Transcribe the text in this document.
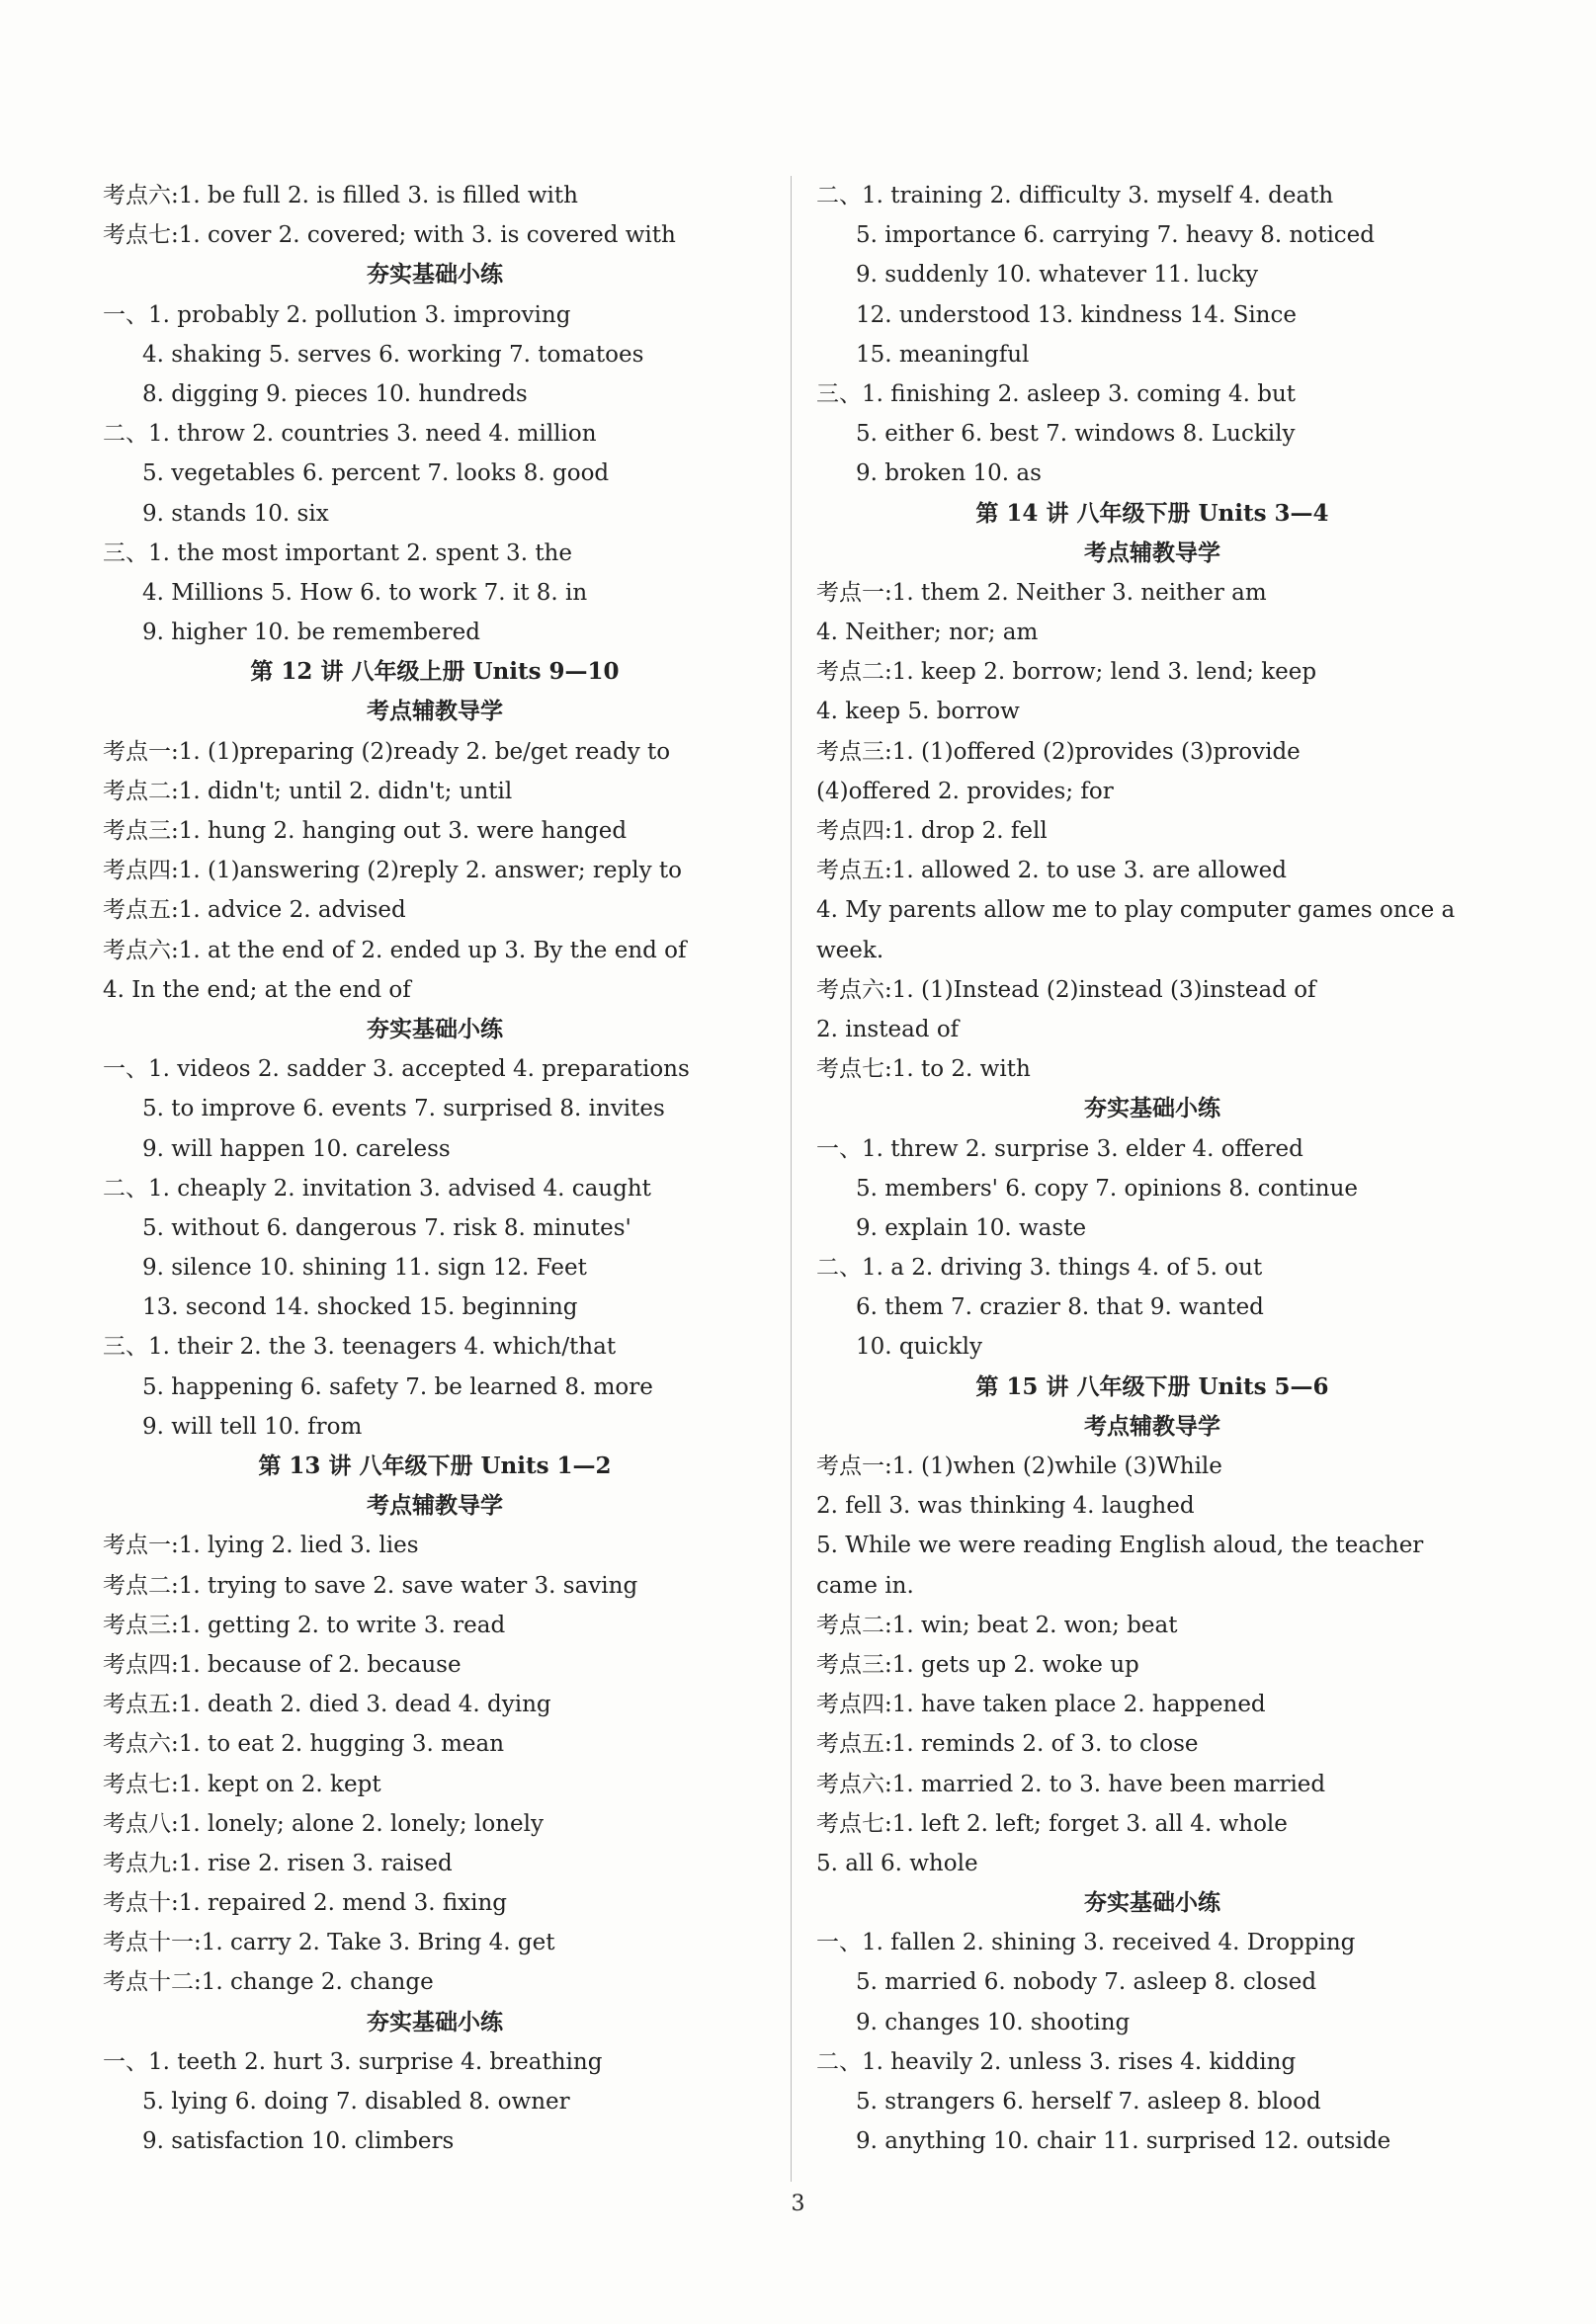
考点六:1. be full 2. is filled 3. is filled with
考点七:1. cover 2. covered; with 3. is covered with
夯实基础小练
一、1. probably 2. pollution 3. improving
4. shaking 5. serves 6. working 7. tomatoes
8. digging 9. pieces 10. hundreds
二、1. throw 2. countries 3. need 4. million
5. vegetables 6. percent 7. looks 8. good
9. stands 10. six
三、1. the most important 2. spent 3. the
4. Millions 5. How 6. to work 7. it 8. in
9. higher 10. be remembered
第 12 讲 八年级上册 Units 9—10
考点辅教导学
考点一:1. (1)preparing (2)ready 2. be/get ready to
考点二:1. didn't; until 2. didn't; until
考点三:1. hung 2. hanging out 3. were hanged
考点四:1. (1)answering (2)reply 2. answer; reply to
考点五:1. advice 2. advised
考点六:1. at the end of 2. ended up 3. By the end of
4. In the end; at the end of
夯实基础小练
一、1. videos 2. sadder 3. accepted 4. preparations
5. to improve 6. events 7. surprised 8. invites
9. will happen 10. careless
二、1. cheaply 2. invitation 3. advised 4. caught
5. without 6. dangerous 7. risk 8. minutes'
9. silence 10. shining 11. sign 12. Feet
13. second 14. shocked 15. beginning
三、1. their 2. the 3. teenagers 4. which/that
5. happening 6. safety 7. be learned 8. more
9. will tell 10. from
第 13 讲 八年级下册 Units 1—2
考点辅教导学
考点一:1. lying 2. lied 3. lies
考点二:1. trying to save 2. save water 3. saving
考点三:1. getting 2. to write 3. read
考点四:1. because of 2. because
考点五:1. death 2. died 3. dead 4. dying
考点六:1. to eat 2. hugging 3. mean
考点七:1. kept on 2. kept
考点八:1. lonely; alone 2. lonely; lonely
考点九:1. rise 2. risen 3. raised
考点十:1. repaired 2. mend 3. fixing
考点十一:1. carry 2. Take 3. Bring 4. get
考点十二:1. change 2. change
夯实基础小练
一、1. teeth 2. hurt 3. surprise 4. breathing
5. lying 6. doing 7. disabled 8. owner
9. satisfaction 10. climbers
二、1. training 2. difficulty 3. myself 4. death
5. importance 6. carrying 7. heavy 8. noticed
9. suddenly 10. whatever 11. lucky
12. understood 13. kindness 14. Since
15. meaningful
三、1. finishing 2. asleep 3. coming 4. but
5. either 6. best 7. windows 8. Luckily
9. broken 10. as
第 14 讲 八年级下册 Units 3—4
考点辅教导学
考点一:1. them 2. Neither 3. neither am
4. Neither; nor; am
考点二:1. keep 2. borrow; lend 3. lend; keep
4. keep 5. borrow
考点三:1. (1)offered (2)provides (3)provide
(4)offered 2. provides; for
考点四:1. drop 2. fell
考点五:1. allowed 2. to use 3. are allowed
4. My parents allow me to play computer games once a
week.
考点六:1. (1)Instead (2)instead (3)instead of
2. instead of
考点七:1. to 2. with
夯实基础小练
一、1. threw 2. surprise 3. elder 4. offered
5. members' 6. copy 7. opinions 8. continue
9. explain 10. waste
二、1. a 2. driving 3. things 4. of 5. out
6. them 7. crazier 8. that 9. wanted
10. quickly
第 15 讲 八年级下册 Units 5—6
考点辅教导学
考点一:1. (1)when (2)while (3)While
2. fell 3. was thinking 4. laughed
5. While we were reading English aloud, the teacher
came in.
考点二:1. win; beat 2. won; beat
考点三:1. gets up 2. woke up
考点四:1. have taken place 2. happened
考点五:1. reminds 2. of 3. to close
考点六:1. married 2. to 3. have been married
考点七:1. left 2. left; forget 3. all 4. whole
5. all 6. whole
夯实基础小练
一、1. fallen 2. shining 3. received 4. Dropping
5. married 6. nobody 7. asleep 8. closed
9. changes 10. shooting
二、1. heavily 2. unless 3. rises 4. kidding
5. strangers 6. herself 7. asleep 8. blood
9. anything 10. chair 11. surprised 12. outside
3
